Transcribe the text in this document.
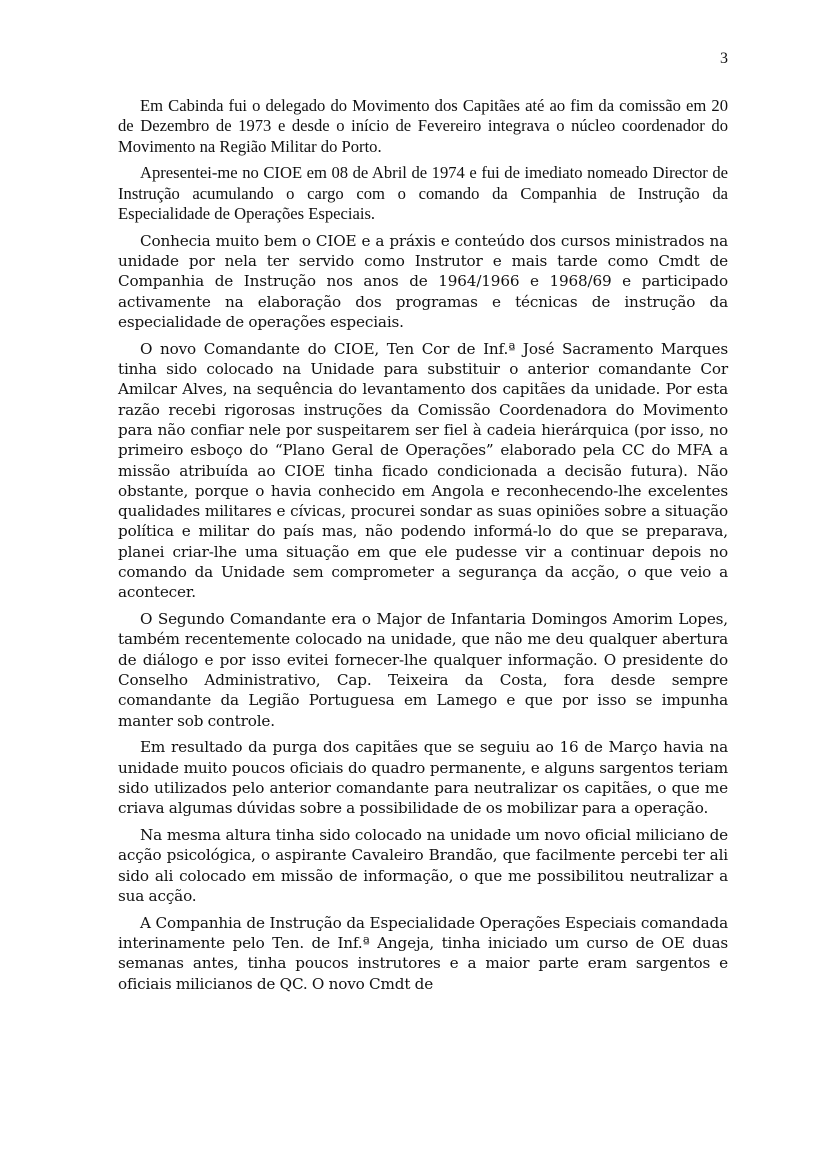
3

Em Cabinda fui o delegado do Movimento dos Capitães até ao fim da comissão em 20 de Dezembro de 1973 e desde o início de Fevereiro integrava o núcleo coordenador do Movimento na Região Militar do Porto.

Apresentei-me no CIOE em 08 de Abril de 1974 e fui de imediato nomeado Director de Instrução acumulando o cargo com o comando da Companhia de Instrução da Especialidade de Operações Especiais.

Conhecia muito bem o CIOE e a práxis e conteúdo dos cursos ministrados na unidade por nela ter servido como Instrutor e mais tarde como Cmdt de Companhia de Instrução nos anos de 1964/1966 e 1968/69 e participado activamente na elaboração dos programas e técnicas de instrução da especialidade de operações especiais.

O novo Comandante do CIOE, Ten Cor de Inf.ª José Sacramento Marques tinha sido colocado na Unidade para substituir o anterior comandante Cor Amilcar Alves, na sequência do levantamento dos capitães da unidade. Por esta razão recebi rigorosas instruções da Comissão Coordenadora do Movimento para não confiar nele por suspeitarem ser fiel à cadeia hierárquica (por isso, no primeiro esboço do “Plano Geral de Operações” elaborado pela CC do MFA a missão atribuída ao CIOE tinha ficado condicionada a decisão futura). Não obstante, porque o havia conhecido em Angola e reconhecendo-lhe excelentes qualidades militares e cívicas, procurei sondar as suas opiniões sobre a situação política e militar do país mas, não podendo informá-lo do que se preparava, planei criar-lhe uma situação em que ele pudesse vir a continuar depois no comando da Unidade sem comprometer a segurança da acção, o que veio a acontecer.

O Segundo Comandante era o Major de Infantaria Domingos Amorim Lopes, também recentemente colocado na unidade, que não me deu qualquer abertura de diálogo e por isso evitei fornecer-lhe qualquer informação. O presidente do Conselho Administrativo, Cap. Teixeira da Costa, fora desde sempre comandante da Legião Portuguesa em Lamego e que por isso se impunha manter sob controle.

Em resultado da purga dos capitães que se seguiu ao 16 de Março havia na unidade muito poucos oficiais do quadro permanente, e alguns sargentos teriam sido utilizados pelo anterior comandante para neutralizar os capitães, o que me criava algumas dúvidas sobre a possibilidade de os mobilizar para a operação.

Na mesma altura tinha sido colocado na unidade um novo oficial miliciano de acção psicológica, o aspirante Cavaleiro Brandão, que facilmente percebi ter ali sido ali colocado em missão de informação, o que me possibilitou neutralizar a sua acção.

A Companhia de Instrução da Especialidade Operações Especiais comandada interinamente pelo Ten. de Inf.ª Angeja, tinha iniciado um curso de OE duas semanas antes, tinha poucos instrutores e a maior parte eram sargentos e oficiais milicianos de QC. O novo Cmdt de
